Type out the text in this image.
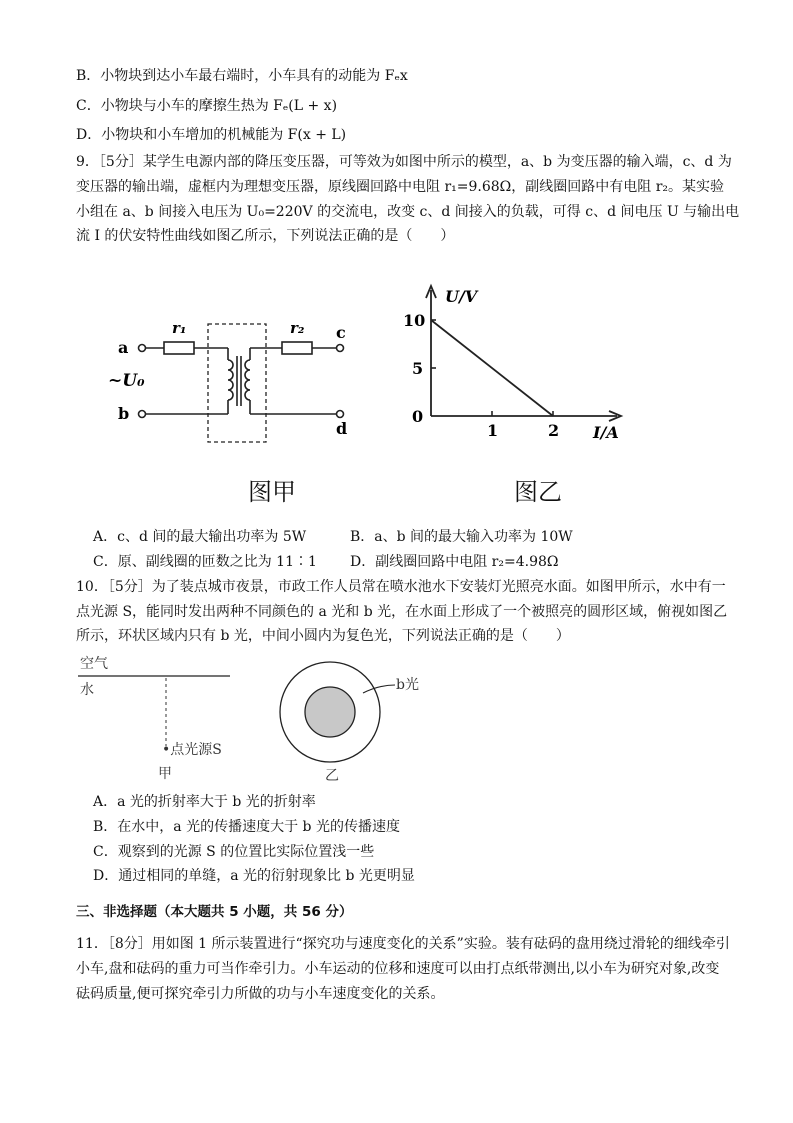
B．小物块到达小车最右端时，小车具有的动能为 Fₑx
C．小物块与小车的摩擦生热为 Fₑ(L + x)
D．小物块和小车增加的机械能为 F(x + L)
9．［5分］某学生电源内部的降压变压器，可等效为如图中所示的模型，a、b 为变压器的输入端，c、d 为
变压器的输出端，虚框内为理想变压器，原线圈回路中电阻 r₁=9.68Ω，副线圈回路中有电阻 r₂。某实验
小组在 a、b 间接入电压为 U₀=220V 的交流电，改变 c、d 间接入的负载，可得 c、d 间电压 U 与输出电
流 I 的伏安特性曲线如图乙所示，下列说法正确的是（　　）
a
b
~U₀
r₁	r₂ c
d
U/V
I/A
1	2
0
5
10
图甲	图乙
A．c、d 间的最大输出功率为 5W	B．a、b 间的最大输入功率为 10W
C．原、副线圈的匝数之比为 11∶1 D．副线圈回路中电阻 r₂=4.98Ω
10．［5分］为了装点城市夜景，市政工作人员常在喷水池水下安装灯光照亮水面。如图甲所示，水中有一
点光源 S，能同时发出两种不同颜色的 a 光和 b 光，在水面上形成了一个被照亮的圆形区域，俯视如图乙
所示，环状区域内只有 b 光，中间小圆内为复色光，下列说法正确的是（　　）
空气
水
•点光源S
甲
b光
乙
A．a 光的折射率大于 b 光的折射率
B．在水中，a 光的传播速度大于 b 光的传播速度
C．观察到的光源 S 的位置比实际位置浅一些
D．通过相同的单缝，a 光的衍射现象比 b 光更明显
三、非选择题（本大题共 5 小题，共 56 分）
11．［8分］用如图 1 所示装置进行“探究功与速度变化的关系”实验。装有砝码的盘用绕过滑轮的细线牵引
小车,盘和砝码的重力可当作牵引力。小车运动的位移和速度可以由打点纸带测出,以小车为研究对象,改变
砝码质量,便可探究牵引力所做的功与小车速度变化的关系。
